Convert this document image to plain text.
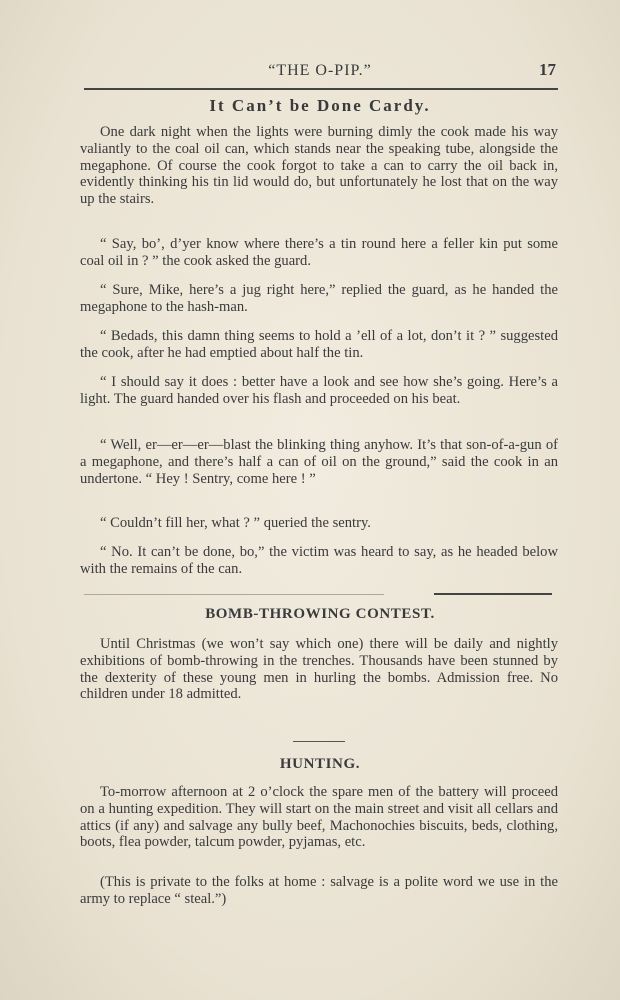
“THE O-PIP.”	17
It Can’t be Done Cardy.

One dark night when the lights were burning dimly the cook made his way valiantly to the coal oil can, which stands near the speaking tube, alongside the megaphone. Of course the cook forgot to take a can to carry the oil back in, evidently thinking his tin lid would do, but unfortunately he lost that on the way up the stairs.

“ Say, bo’, d’yer know where there’s a tin round here a feller kin put some coal oil in ? ” the cook asked the guard.

“ Sure, Mike, here’s a jug right here,” replied the guard, as he handed the megaphone to the hash-man.

“ Bedads, this damn thing seems to hold a ’ell of a lot, don’t it ? ” suggested the cook, after he had emptied about half the tin.

“ I should say it does : better have a look and see how she’s going. Here’s a light. The guard handed over his flash and proceeded on his beat.

“ Well, er—er—er—blast the blinking thing anyhow. It’s that son-of-a-gun of a megaphone, and there’s half a can of oil on the ground,” said the cook in an undertone. “ Hey ! Sentry, come here ! ”

“ Couldn’t fill her, what ? ” queried the sentry.

“ No. It can’t be done, bo,” the victim was heard to say, as he headed below with the remains of the can.

BOMB-THROWING CONTEST.

Until Christmas (we won’t say which one) there will be daily and nightly exhibitions of bomb-throwing in the trenches. Thousands have been stunned by the dexterity of these young men in hurling the bombs. Admission free. No children under 18 admitted.

HUNTING.

To-morrow afternoon at 2 o’clock the spare men of the battery will proceed on a hunting expedition. They will start on the main street and visit all cellars and attics (if any) and salvage any bully beef, Machonochies biscuits, beds, clothing, boots, flea powder, talcum powder, pyjamas, etc.

(This is private to the folks at home : salvage is a polite word we use in the army to replace “ steal.”)
